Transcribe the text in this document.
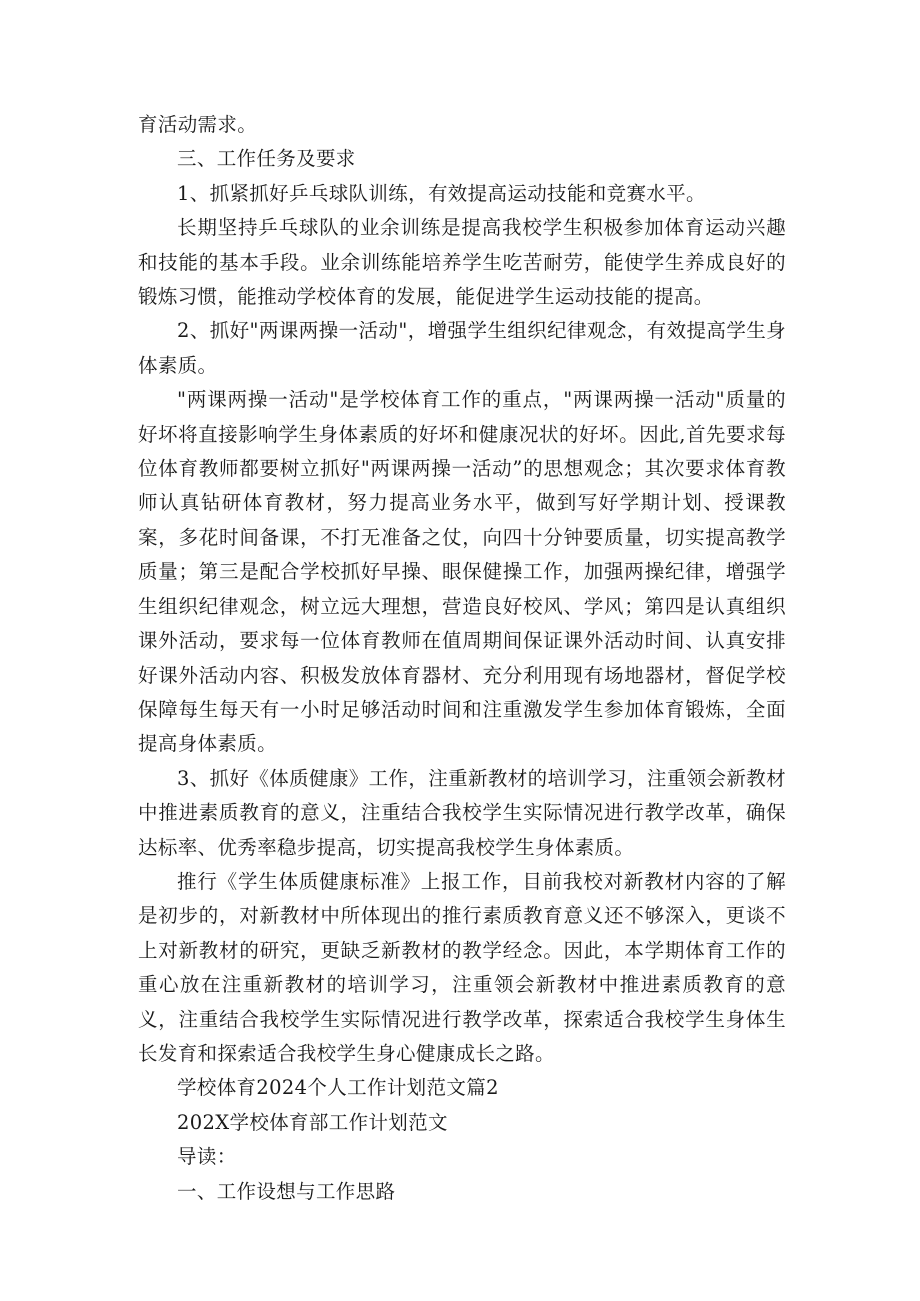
育活动需求。

三、工作任务及要求

1、抓紧抓好乒乓球队训练，有效提高运动技能和竞赛水平。

长期坚持乒乓球队的业余训练是提高我校学生积极参加体育运动兴趣和技能的基本手段。业余训练能培养学生吃苦耐劳，能使学生养成良好的锻炼习惯，能推动学校体育的发展，能促进学生运动技能的提高。

2、抓好"两课两操一活动"，增强学生组织纪律观念，有效提高学生身体素质。

"两课两操一活动"是学校体育工作的重点，"两课两操一活动"质量的好坏将直接影响学生身体素质的好坏和健康况状的好坏。因此,首先要求每位体育教师都要树立抓好"两课两操一活动”的思想观念；其次要求体育教师认真钻研体育教材，努力提高业务水平，做到写好学期计划、授课教案，多花时间备课，不打无准备之仗，向四十分钟要质量，切实提高教学质量；第三是配合学校抓好早操、眼保健操工作，加强两操纪律，增强学生组织纪律观念，树立远大理想，营造良好校风、学风；第四是认真组织课外活动，要求每一位体育教师在值周期间保证课外活动时间、认真安排好课外活动内容、积极发放体育器材、充分利用现有场地器材，督促学校保障每生每天有一小时足够活动时间和注重激发学生参加体育锻炼，全面提高身体素质。

3、抓好《体质健康》工作，注重新教材的培训学习，注重领会新教材中推进素质教育的意义，注重结合我校学生实际情况进行教学改革，确保达标率、优秀率稳步提高，切实提高我校学生身体素质。

推行《学生体质健康标准》上报工作，目前我校对新教材内容的了解是初步的，对新教材中所体现出的推行素质教育意义还不够深入，更谈不上对新教材的研究，更缺乏新教材的教学经念。因此，本学期体育工作的重心放在注重新教材的培训学习，注重领会新教材中推进素质教育的意义，注重结合我校学生实际情况进行教学改革，探索适合我校学生身体生长发育和探索适合我校学生身心健康成长之路。

学校体育2024个人工作计划范文篇2

202X学校体育部工作计划范文

导读：

一、工作设想与工作思路
